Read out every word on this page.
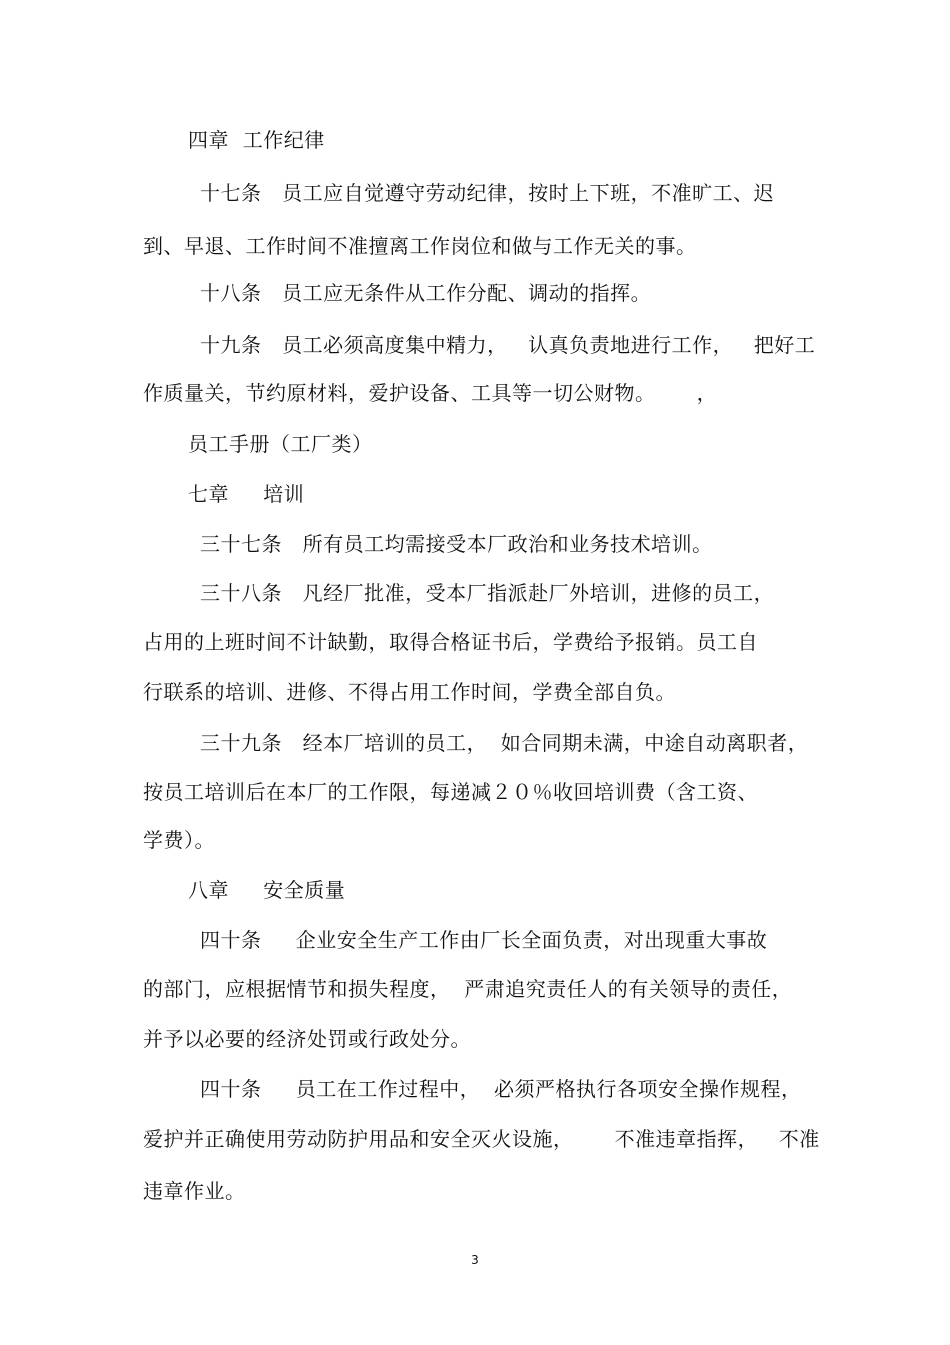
四章  工作纪律
十七条   员工应自觉遵守劳动纪律，按时上下班，不准旷工、迟
到、早退、工作时间不准擅离工作岗位和做与工作无关的事。
十八条   员工应无条件从工作分配、调动的指挥。
十九条   员工必须高度集中精力，   认真负责地进行工作，   把好工
作质量关，节约原材料，爱护设备、工具等一切公财物。      ，
员工手册（工厂类）
七章     培训
三十七条   所有员工均需接受本厂政治和业务技术培训。
三十八条   凡经厂批准，受本厂指派赴厂外培训，进修的员工，
占用的上班时间不计缺勤，取得合格证书后，学费给予报销。员工自
行联系的培训、进修、不得占用工作时间，学费全部自负。
三十九条   经本厂培训的员工，  如合同期未满，中途自动离职者，
按员工培训后在本厂的工作限，每递减２０％收回培训费（含工资、
学费）。
八章     安全质量
四十条     企业安全生产工作由厂长全面负责，对出现重大事故
的部门，应根据情节和损失程度，  严肃追究责任人的有关领导的责任，
并予以必要的经济处罚或行政处分。
四十条     员工在工作过程中，  必须严格执行各项安全操作规程，
爱护并正确使用劳动防护用品和安全灭火设施，      不准违章指挥，   不准
违章作业。
3
